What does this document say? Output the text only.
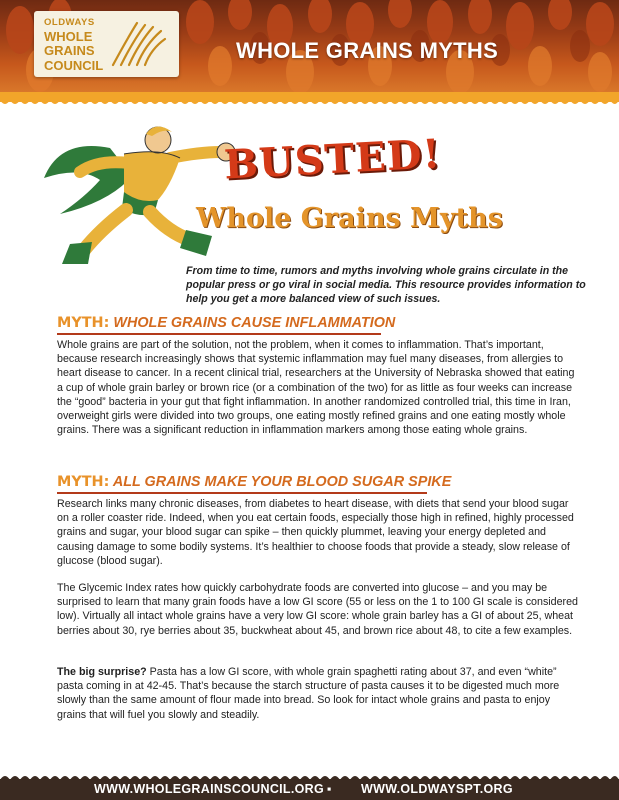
OLDWAYS
WHOLE
GRAINS
COUNCIL
WHOLE GRAINS MYTHS
BUSTED!
Whole Grains Myths
From time to time, rumors and myths involving whole grains circulate in the popular press or go viral in social media. This resource provides information to help you get a more balanced view of such issues.
MYTH: WHOLE GRAINS CAUSE INFLAMMATION

Whole grains are part of the solution, not the problem, when it comes to inflammation. That’s important, because research increasingly shows that systemic inflammation may fuel many diseases, from allergies to heart disease to cancer. In a recent clinical trial, researchers at the University of Nebraska showed that eating a cup of whole grain barley or brown rice (or a combination of the two) for as little as four weeks can increase the “good” bacteria in your gut that fight inflammation. In another randomized controlled trial, this time in Iran, overweight girls were divided into two groups, one eating mostly refined grains and one eating mostly whole grains. There was a significant reduction in inflammation markers among those eating whole grains.

MYTH: ALL GRAINS MAKE YOUR BLOOD SUGAR SPIKE

Research links many chronic diseases, from diabetes to heart disease, with diets that send your blood sugar on a roller coaster ride. Indeed, when you eat certain foods, especially those high in refined, highly processed grains and sugar, your blood sugar can spike – then quickly plummet, leaving your energy depleted and causing damage to some bodily systems. It’s healthier to choose foods that provide a steady, slow release of glucose (blood sugar).

The Glycemic Index rates how quickly carbohydrate foods are converted into glucose – and you may be surprised to learn that many grain foods have a low GI score (55 or less on the 1 to 100 GI scale is considered low). Virtually all intact whole grains have a very low GI score: whole grain barley has a GI of about 25, wheat berries about 30, rye berries about 35, buckwheat about 45, and brown rice about 48, to cite a few examples.

The big surprise? Pasta has a low GI score, with whole grain spaghetti rating about 37, and even “white” pasta coming in at 42-45. That’s because the starch structure of pasta causes it to be digested much more slowly than the same amount of flour made into bread. So look for intact whole grains and pasta to enjoy grains that will fuel you slowly and steadily.

WWW.WHOLEGRAINSCOUNCIL.ORG ▪ WWW.OLDWAYSPT.ORG
